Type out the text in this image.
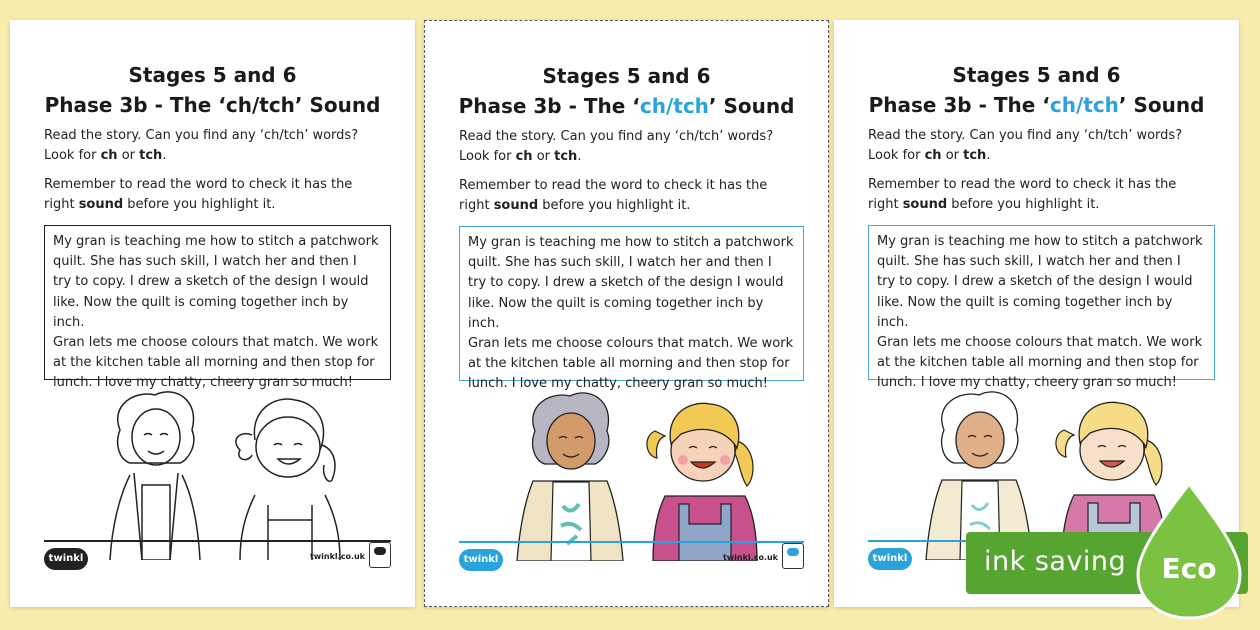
Stages 5 and 6
Phase 3b - The ‘ch/tch’ Sound
Read the story. Can you find any ‘ch/tch’ words?
Look for ch or tch.
Remember to read the word to check it has the
right sound before you highlight it.
My gran is teaching me how to stitch a patchwork
quilt. She has such skill, I watch her and then I
try to copy. I drew a sketch of the design I would
like. Now the quilt is coming together inch by inch.
Gran lets me choose colours that match. We work
at the kitchen table all morning and then stop for
lunch. I love my chatty, cheery gran so much!
twinkl	twinkl.co.uk
Stages 5 and 6
Phase 3b - The ‘ch/tch’ Sound
Read the story. Can you find any ‘ch/tch’ words?
Look for ch or tch.
Remember to read the word to check it has the
right sound before you highlight it.
My gran is teaching me how to stitch a patchwork
quilt. She has such skill, I watch her and then I
try to copy. I drew a sketch of the design I would
like. Now the quilt is coming together inch by inch.
Gran lets me choose colours that match. We work
at the kitchen table all morning and then stop for
lunch. I love my chatty, cheery gran so much!
twinkl	twinkl.co.uk
Stages 5 and 6
Phase 3b - The ‘ch/tch’ Sound
Read the story. Can you find any ‘ch/tch’ words?
Look for ch or tch.
Remember to read the word to check it has the
right sound before you highlight it.
My gran is teaching me how to stitch a patchwork
quilt. She has such skill, I watch her and then I
try to copy. I drew a sketch of the design I would
like. Now the quilt is coming together inch by inch.
Gran lets me choose colours that match. We work
at the kitchen table all morning and then stop for
lunch. I love my chatty, cheery gran so much!
twinkl	ink saving Eco
